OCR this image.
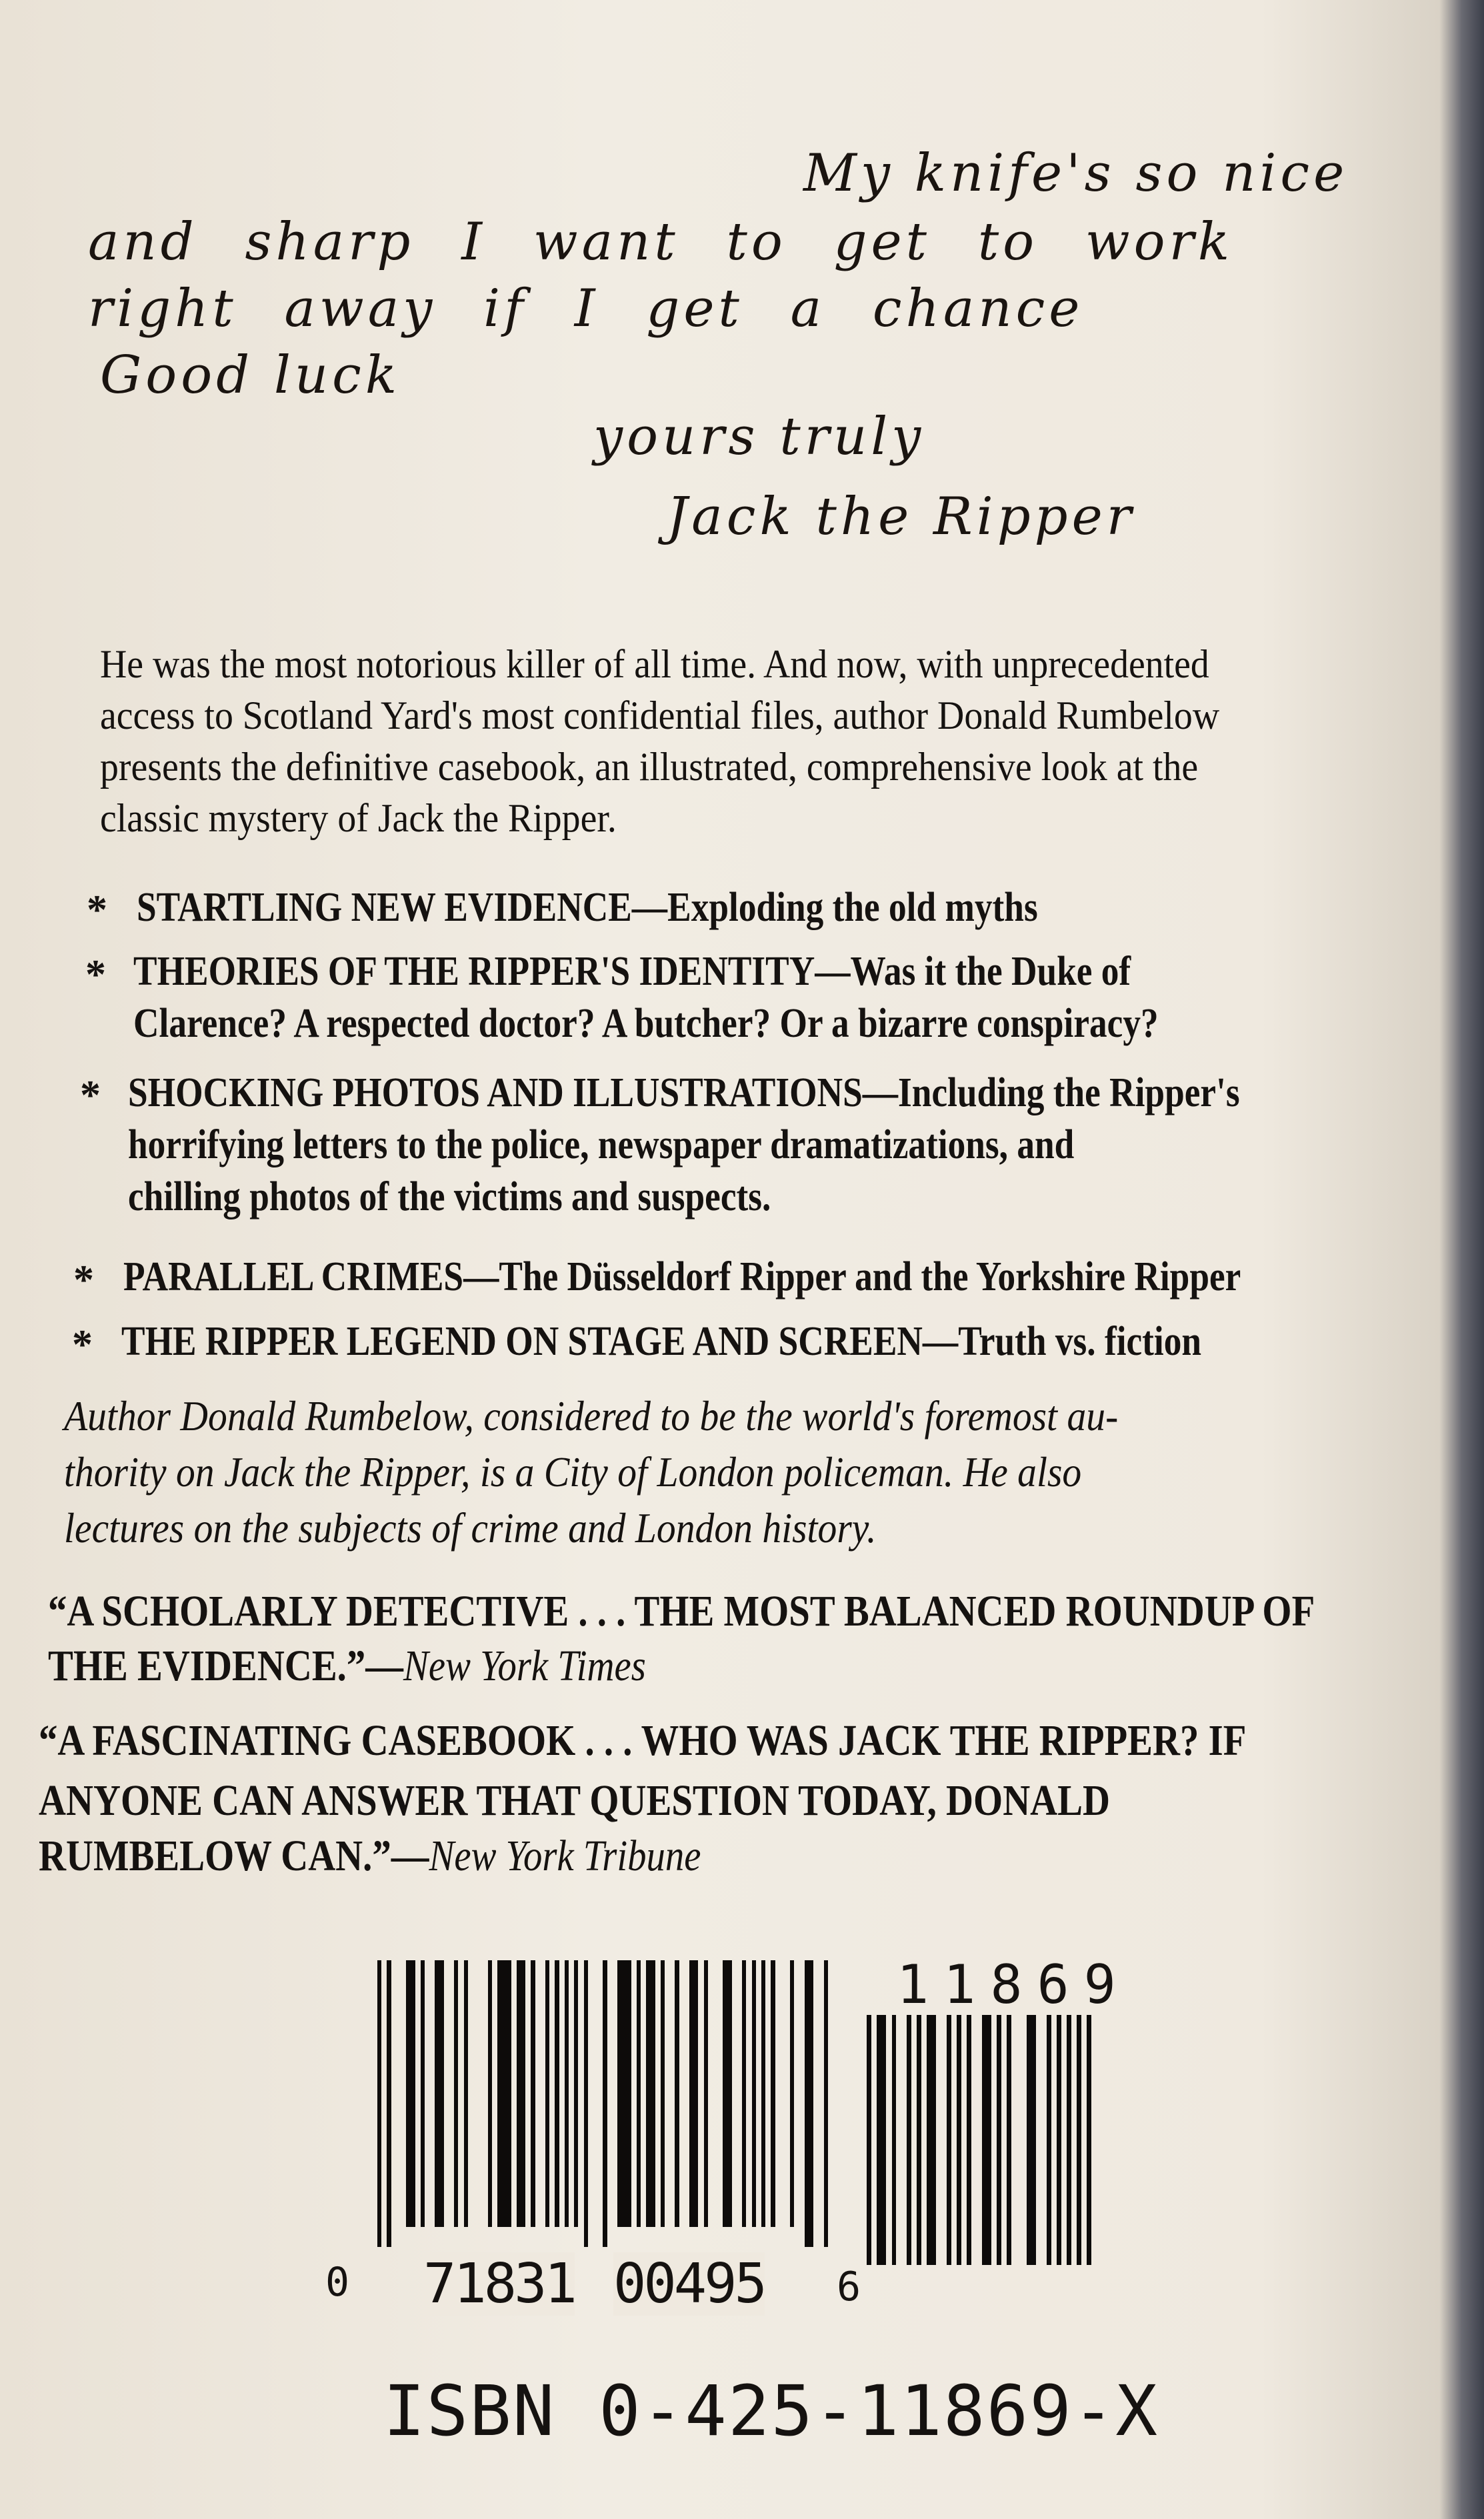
My knife's so nice
and sharp I want to get to work
right away if I get a chance
Good luck
yours truly
Jack the Ripper
He was the most notorious killer of all time. And now, with unprecedented
access to Scotland Yard's most confidential files, author Donald Rumbelow
presents the definitive casebook, an illustrated, comprehensive look at the
classic mystery of Jack the Ripper.
* STARTLING NEW EVIDENCE—Exploding the old myths
* THEORIES OF THE RIPPER'S IDENTITY—Was it the Duke of
Clarence? A respected doctor? A butcher? Or a bizarre conspiracy?
* SHOCKING PHOTOS AND ILLUSTRATIONS—Including the Ripper's
horrifying letters to the police, newspaper dramatizations, and
chilling photos of the victims and suspects.
* PARALLEL CRIMES—The Düsseldorf Ripper and the Yorkshire Ripper
* THE RIPPER LEGEND ON STAGE AND SCREEN—Truth vs. fiction
Author Donald Rumbelow, considered to be the world's foremost au-
thority on Jack the Ripper, is a City of London policeman. He also
lectures on the subjects of crime and London history.
“A SCHOLARLY DETECTIVE . . . THE MOST BALANCED ROUNDUP OF
THE EVIDENCE.”—New York Times
“A FASCINATING CASEBOOK . . . WHO WAS JACK THE RIPPER? IF
ANYONE CAN ANSWER THAT QUESTION TODAY, DONALD
RUMBELOW CAN.”—New York Tribune
11869
0 71831 00495 6
ISBN 0-425-11869-X
